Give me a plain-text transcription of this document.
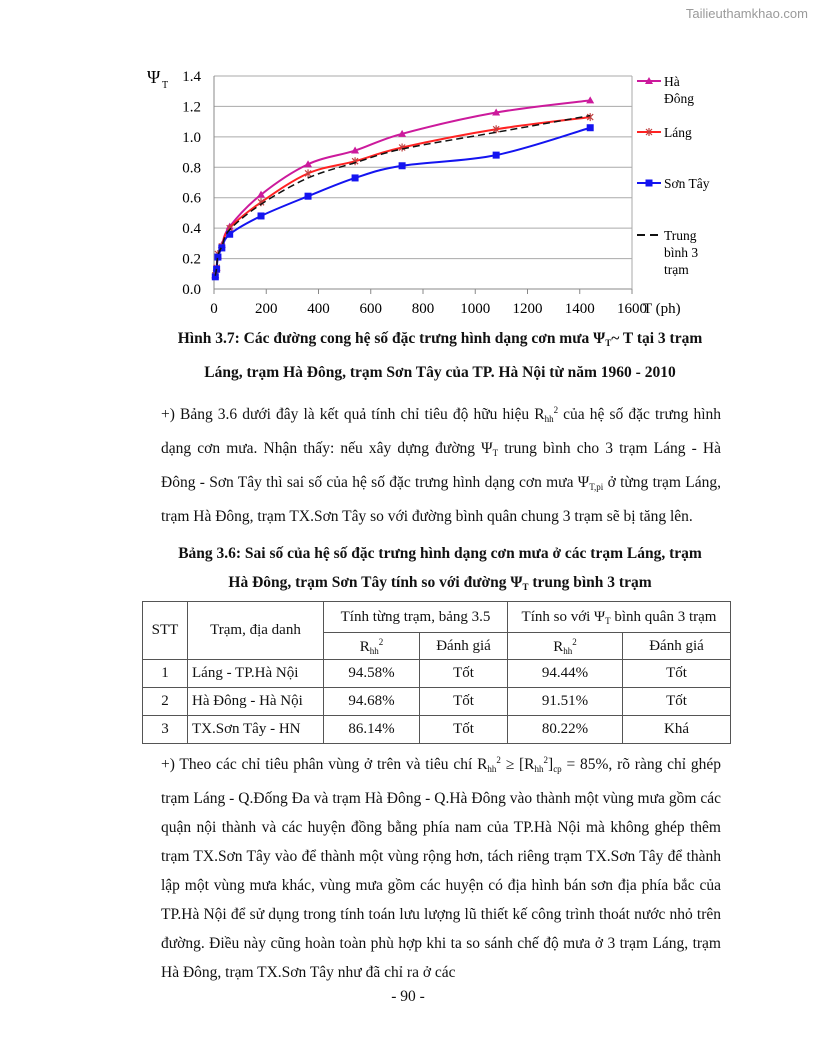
Tailieuthamkhao.com
0.0
0.2
0.4
0.6
0.8
1.0
1.2
1.4
0 200 400 600 800 1000 1200 1400 1600
Ψ T
T (ph)
Hà
Đông
Láng
Sơn Tây
Trung
bình 3
trạm
Hình 3.7: Các đường cong hệ số đặc trưng hình dạng cơn mưa $\Psi_T\sim$ T tại 3 trạm
Láng, trạm Hà Đông, trạm Sơn Tây của TP. Hà Nội từ năm 1960 - 2010
+) Bảng 3.6 dưới đây là kết quả tính chỉ tiêu độ hữu hiệu $R_{hh}^2$ của hệ số đặc trưng hình dạng cơn mưa. Nhận thấy: nếu xây dựng đường $\Psi_T$ trung bình cho 3 trạm Láng - Hà Đông - Sơn Tây thì sai số của hệ số đặc trưng hình dạng cơn mưa $\Psi_{T,pi}$ ở từng trạm Láng, trạm Hà Đông, trạm TX.Sơn Tây so với đường bình quân chung 3 trạm sẽ bị tăng lên.
Bảng 3.6: Sai số của hệ số đặc trưng hình dạng cơn mưa ở các trạm Láng, trạm
Hà Đông, trạm Sơn Tây tính so với đường $\Psi_T$ trung bình 3 trạm
STT	Trạm, địa danh	Tính từng trạm, bảng 3.5		Tính so với $\Psi_T$ bình quân 3 trạm	
		$R_{hh}^2$	Đánh giá	$R_{hh}^2$	Đánh giá
1	Láng - TP.Hà Nội	94.58%	Tốt	94.44%	Tốt
2	Hà Đông - Hà Nội	94.68%	Tốt	91.51%	Tốt
3	TX.Sơn Tây - HN	86.14%	Tốt	80.22%	Khá
+) Theo các chỉ tiêu phân vùng ở trên và tiêu chí $R_{hh}^2 \ge [R_{hh}^2]_{cp} = 85\%$, rõ ràng chỉ ghép trạm Láng - Q.Đống Đa và trạm Hà Đông - Q.Hà Đông vào thành một vùng mưa gồm các quận nội thành và các huyện đồng bằng phía nam của TP.Hà Nội mà không ghép thêm trạm TX.Sơn Tây vào để thành một vùng rộng hơn, tách riêng trạm TX.Sơn Tây để thành lập một vùng mưa khác, vùng mưa gồm các huyện có địa hình bán sơn địa phía bắc của TP.Hà Nội để sử dụng trong tính toán lưu lượng lũ thiết kế công trình thoát nước nhỏ trên đường. Điều này cũng hoàn toàn phù hợp khi ta so sánh chế độ mưa ở 3 trạm Láng, trạm Hà Đông, trạm TX.Sơn Tây như đã chỉ ra ở các
- 90 -
